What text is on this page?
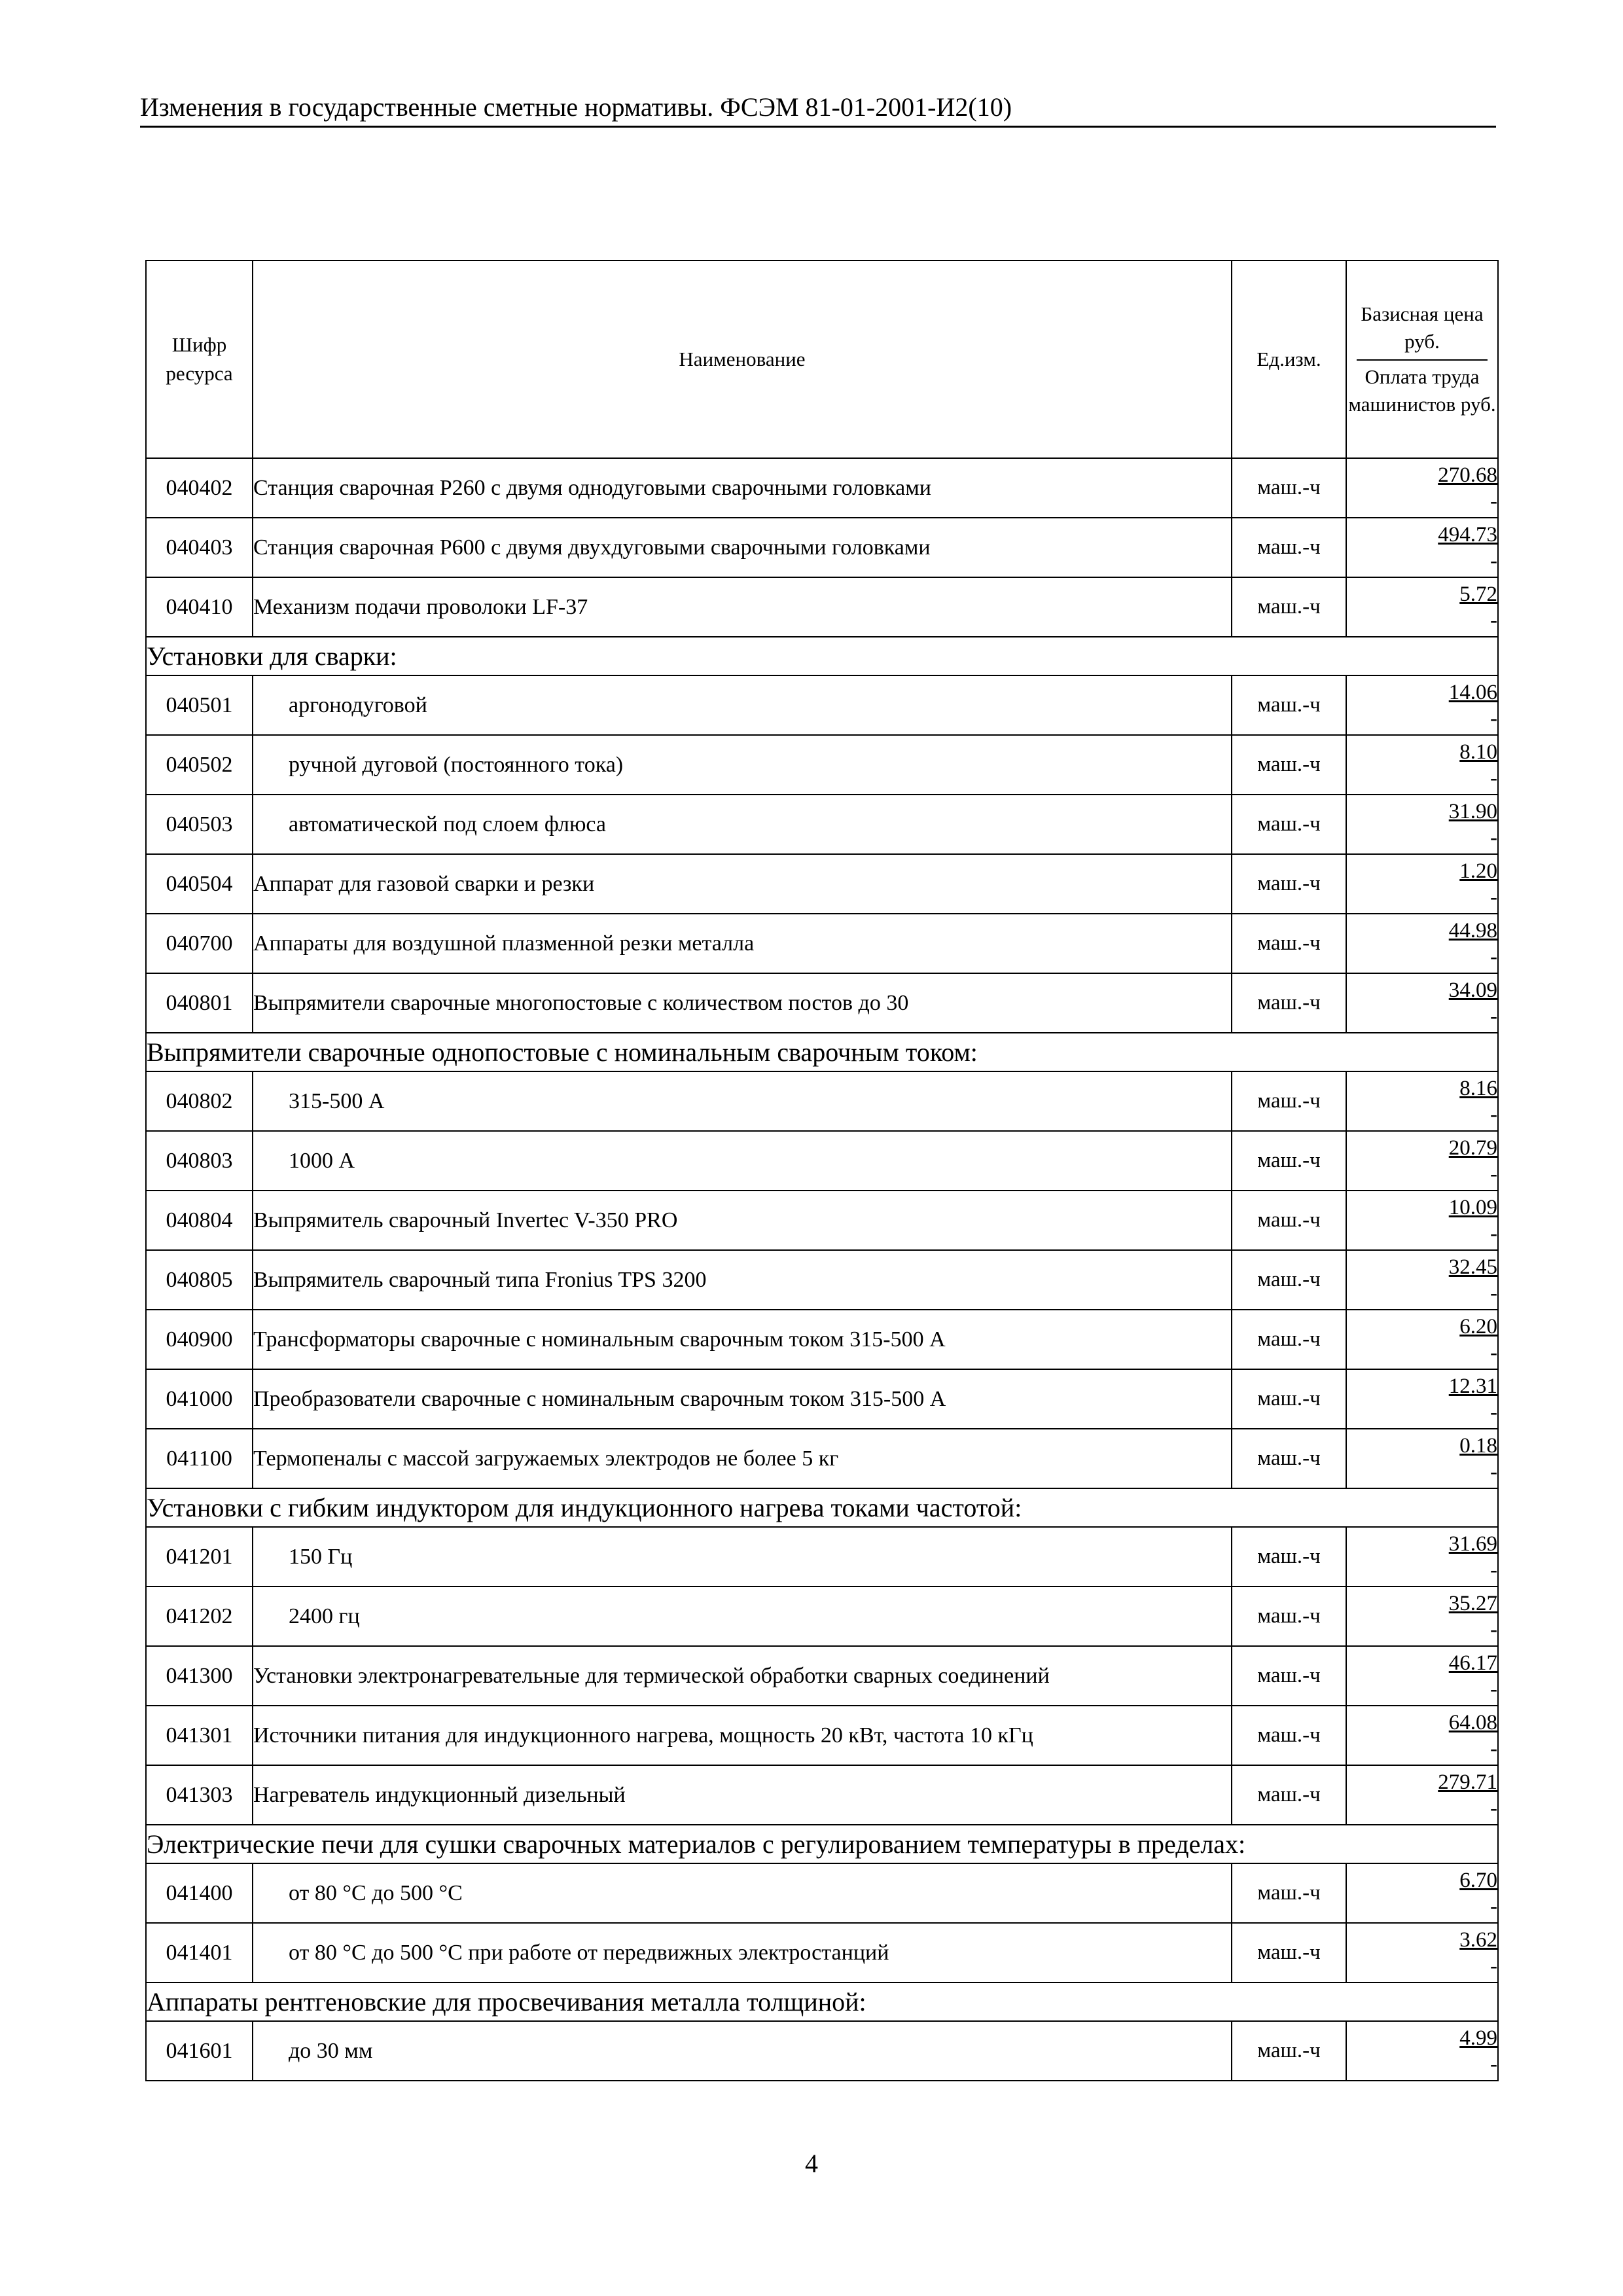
Изменения в государственные сметные нормативы. ФСЭМ 81-01-2001-И2(10)
Шифр ресурса	Наименование	Ед.изм.	Базисная цена руб.
Оплата труда машинистов руб.
040402	Станция сварочная Р260 с двумя однодуговыми сварочными головками	маш.-ч	270.68
-

040403	Станция сварочная Р600 с двумя двухдуговыми сварочными головками	маш.-ч	494.73
-

040410	Механизм подачи проволоки LF-37	маш.-ч	5.72
-

Установки для сварки:			
040501	аргонодуговой	маш.-ч	14.06
-

040502	ручной дуговой (постоянного тока)	маш.-ч	8.10
-

040503	автоматической под слоем флюса	маш.-ч	31.90
-

040504	Аппарат для газовой сварки и резки	маш.-ч	1.20
-

040700	Аппараты для воздушной плазменной резки металла	маш.-ч	44.98
-

040801	Выпрямители сварочные многопостовые с количеством постов до 30	маш.-ч	34.09
-

Выпрямители сварочные однопостовые с номинальным сварочным током:			
040802	315-500 А	маш.-ч	8.16
-

040803	1000 А	маш.-ч	20.79
-

040804	Выпрямитель сварочный Invertec V-350 PRO	маш.-ч	10.09
-

040805	Выпрямитель сварочный типа Fronius TPS 3200	маш.-ч	32.45
-

040900	Трансформаторы сварочные с номинальным сварочным током 315-500 А	маш.-ч	6.20
-

041000	Преобразователи сварочные с номинальным сварочным током 315-500 А	маш.-ч	12.31
-

041100	Термопеналы с массой загружаемых электродов не более 5 кг	маш.-ч	0.18
-

Установки с гибким индуктором для индукционного нагрева токами частотой:			
041201	150 Гц	маш.-ч	31.69
-

041202	2400 гц	маш.-ч	35.27
-

041300	Установки электронагревательные для термической обработки сварных соединений	маш.-ч	46.17
-

041301	Источники питания для индукционного нагрева, мощность 20 кВт, частота 10 кГц	маш.-ч	64.08
-

041303	Нагреватель индукционный дизельный	маш.-ч	279.71
-

Электрические печи для сушки сварочных материалов с регулированием температуры в пределах:			
041400	от 80 °С до 500 °С	маш.-ч	6.70
-

041401	от 80 °С до 500 °С при работе от передвижных электростанций	маш.-ч	3.62
-

Аппараты рентгеновские для просвечивания металла толщиной:			
041601	до 30 мм	маш.-ч	4.99
-
4
